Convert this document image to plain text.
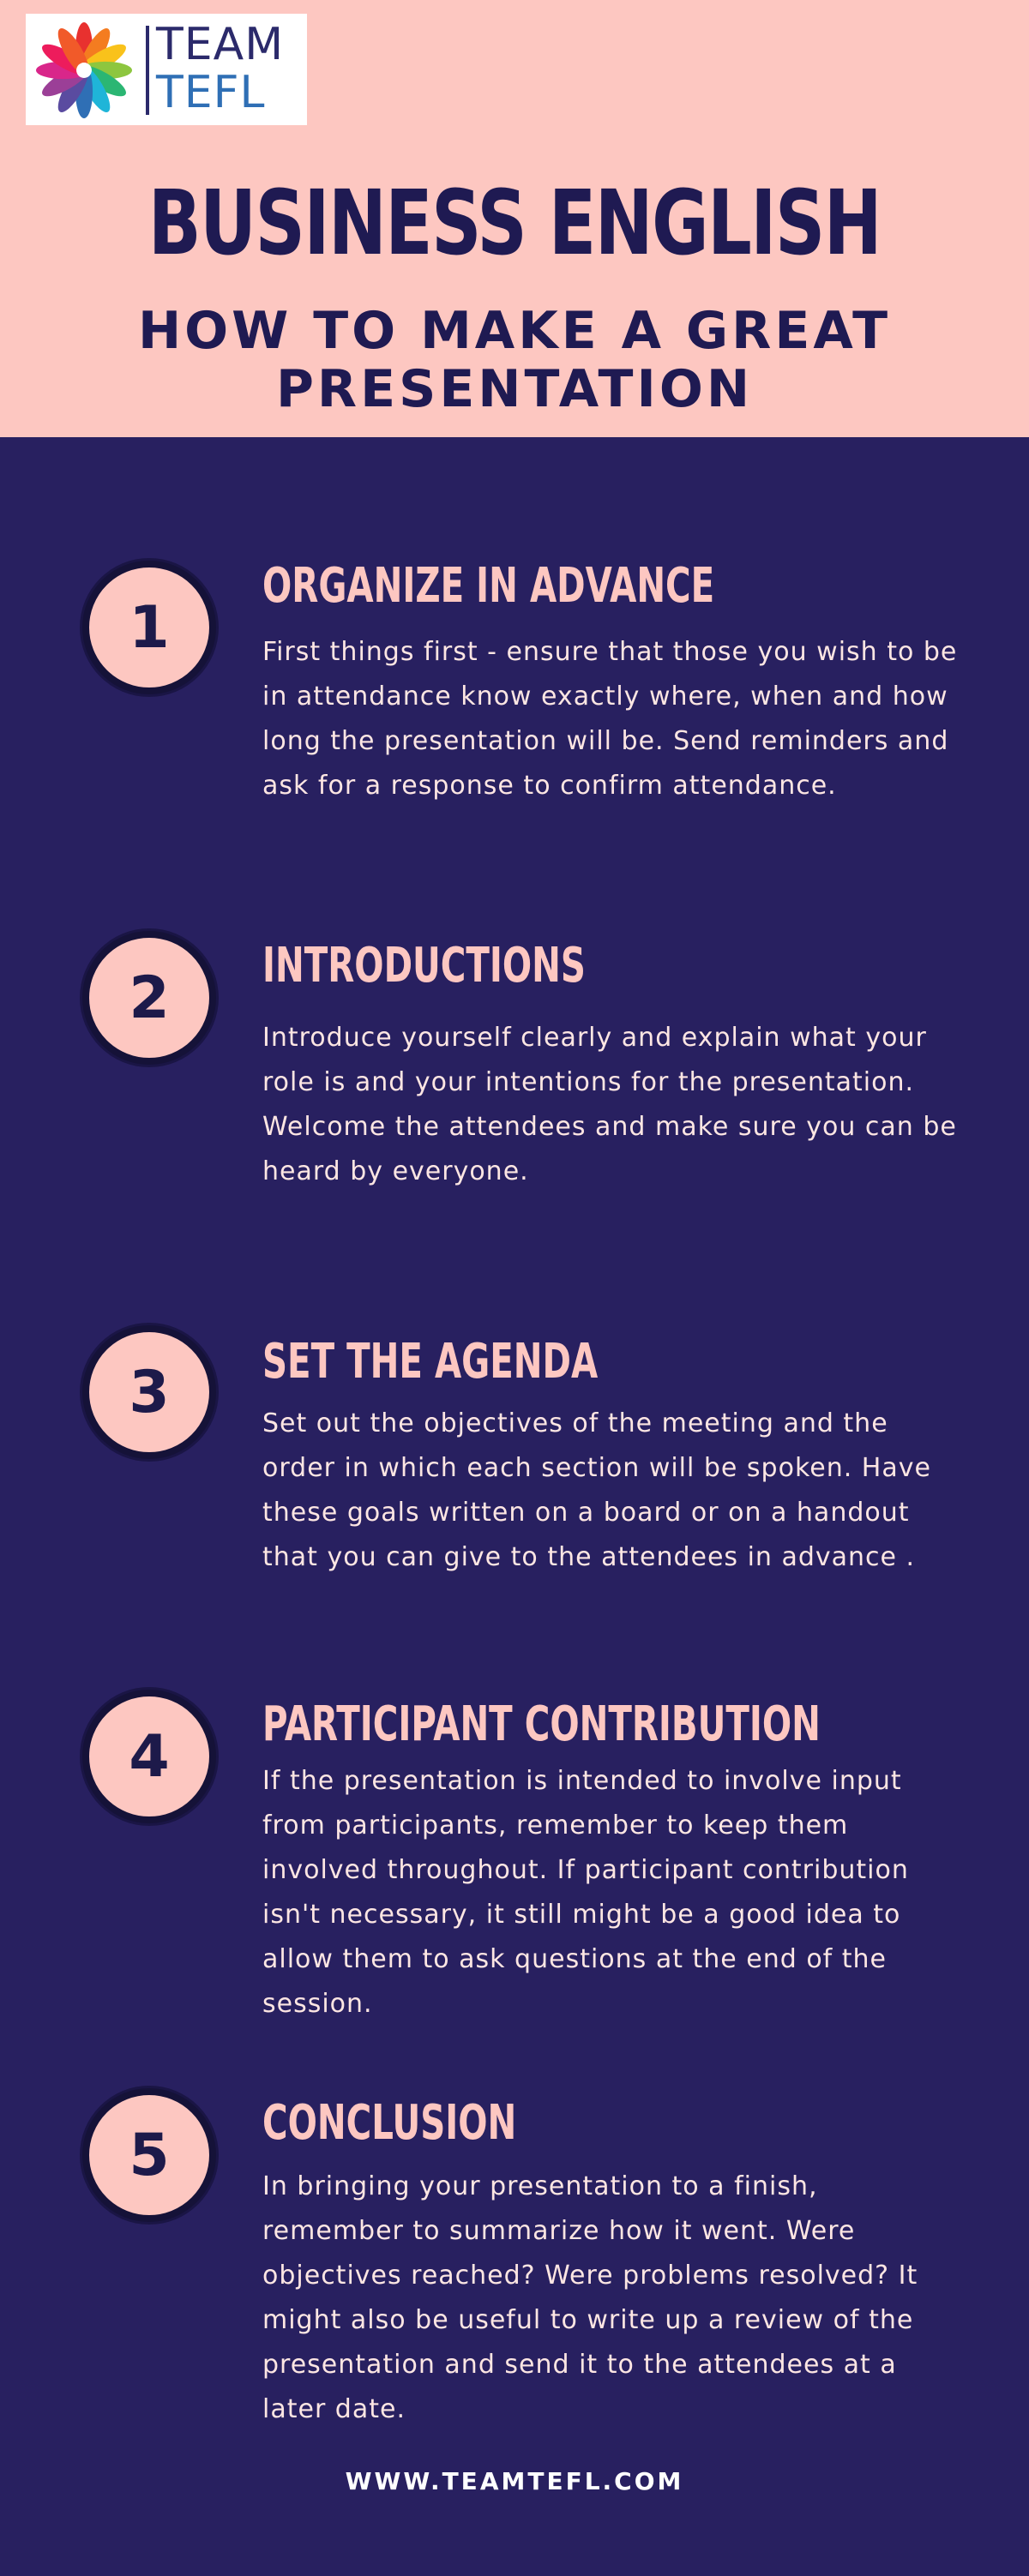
TEAM
TEFL
BUSINESS ENGLISH
HOW TO MAKE A GREAT PRESENTATION
1
ORGANIZE IN ADVANCE
First things first - ensure that those you wish to be in attendance know exactly where, when and how long the presentation will be. Send reminders and ask for a response to confirm attendance.
2	INTRODUCTIONS
Introduce yourself clearly and explain what your role is and your intentions for the presentation. Welcome the attendees and make sure you can be heard by everyone.
3	SET THE AGENDA
Set out the objectives of the meeting and the order in which each section will be spoken. Have these goals written on a board or on a handout that you can give to the attendees in advance .
4	PARTICIPANT CONTRIBUTION
If the presentation is intended to involve input from participants, remember to keep them involved throughout. If participant contribution isn't necessary, it still might be a good idea to allow them to ask questions at the end of the session.
5	CONCLUSION
In bringing your presentation to a finish, remember to summarize how it went. Were objectives reached? Were problems resolved? It might also be useful to write up a review of the presentation and send it to the attendees at a later date.
WWW.TEAMTEFL.COM
